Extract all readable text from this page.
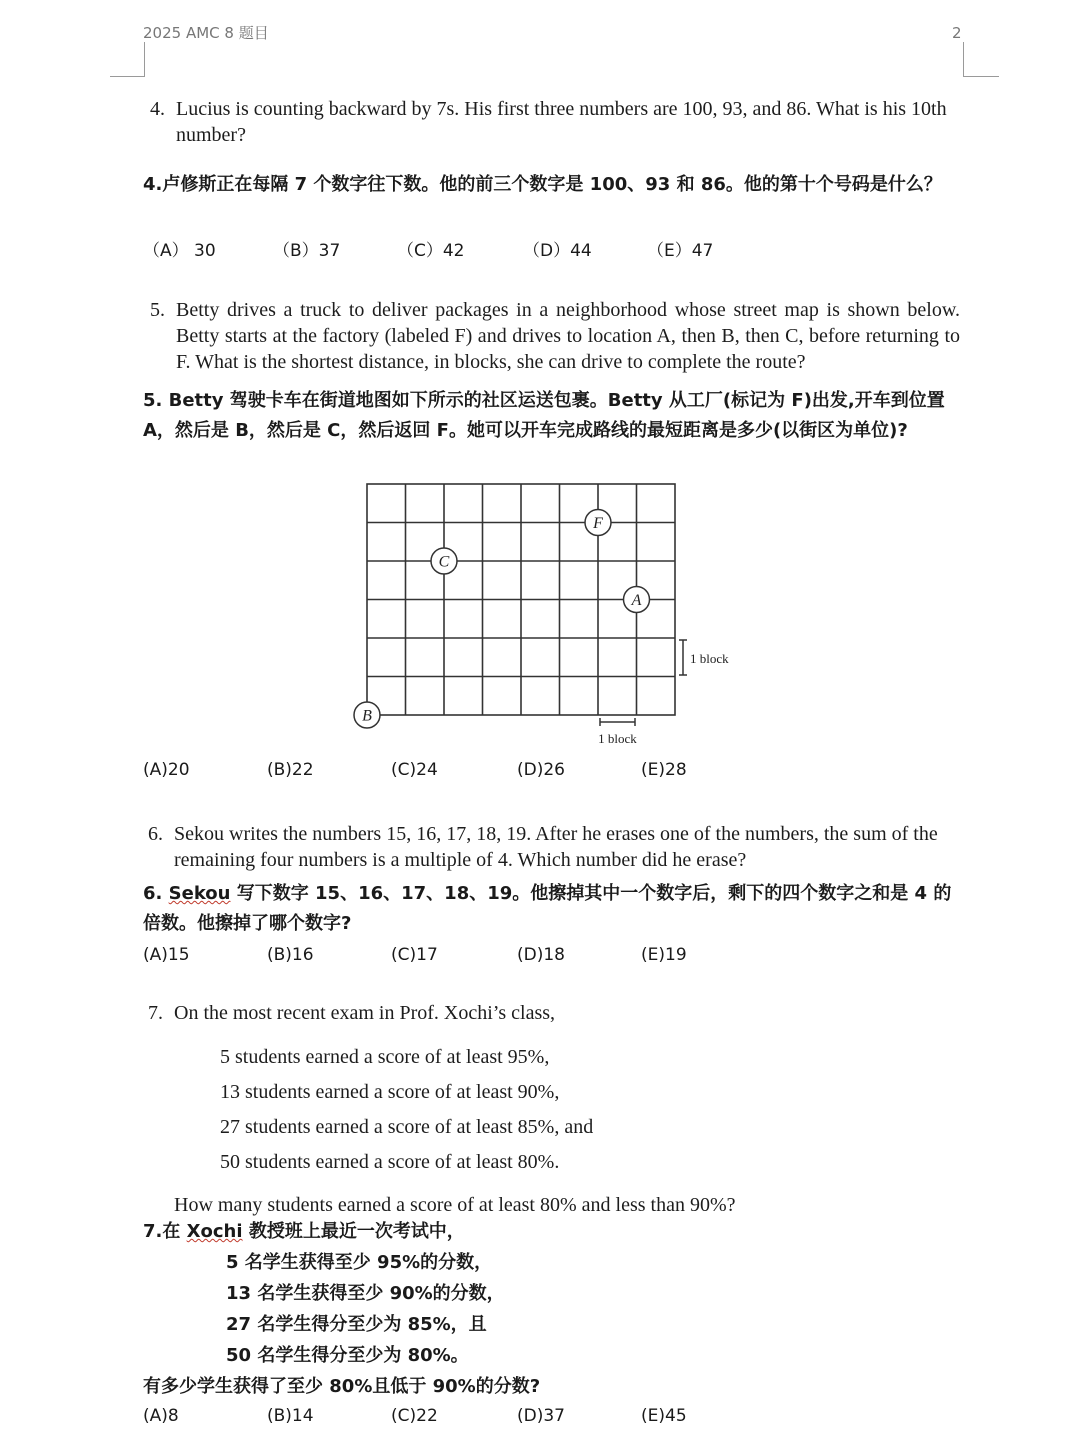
2025 AMC 8 题目	2
4. Lucius is counting backward by 7s. His first three numbers are 100, 93, and 86. What is his 10th number?
4.卢修斯正在每隔 7 个数字往下数。他的前三个数字是 100、93 和 86。他的第十个号码是什么？
（A） 30	（B）37	（C）42	（D）44	（E）47
5. Betty drives a truck to deliver packages in a neighborhood whose street map is shown below. Betty starts at the factory (labeled F) and drives to location A, then B, then C, before returning to F. What is the shortest distance, in blocks, she can drive to complete the route?
5. Betty 驾驶卡车在街道地图如下所示的社区运送包裹。Betty 从工厂(标记为 F)出发,开车到位置 A，然后是 B，然后是 C，然后返回 F。她可以开车完成路线的最短距离是多少(以街区为单位)?
F
C
A
B
1 block
1 block
(A)20	(B)22	(C)24	(D)26	(E)28
6. Sekou writes the numbers 15, 16, 17, 18, 19. After he erases one of the numbers, the sum of the remaining four numbers is a multiple of 4. Which number did he erase?
6. Sekou 写下数字 15、16、17、18、19。他擦掉其中一个数字后，剩下的四个数字之和是 4 的倍数。他擦掉了哪个数字?
(A)15	(B)16	(C)17	(D)18	(E)19
7. On the most recent exam in Prof. Xochi’s class,
5 students earned a score of at least 95%,
13 students earned a score of at least 90%,
27 students earned a score of at least 85%, and
50 students earned a score of at least 80%.
How many students earned a score of at least 80% and less than 90%?
7.在 Xochi 教授班上最近一次考试中，
5 名学生获得至少 95%的分数，
13 名学生获得至少 90%的分数，
27 名学生得分至少为 85%，且
50 名学生得分至少为 80%。
有多少学生获得了至少 80%且低于 90%的分数?
(A)8	(B)14	(C)22	(D)37	(E)45
